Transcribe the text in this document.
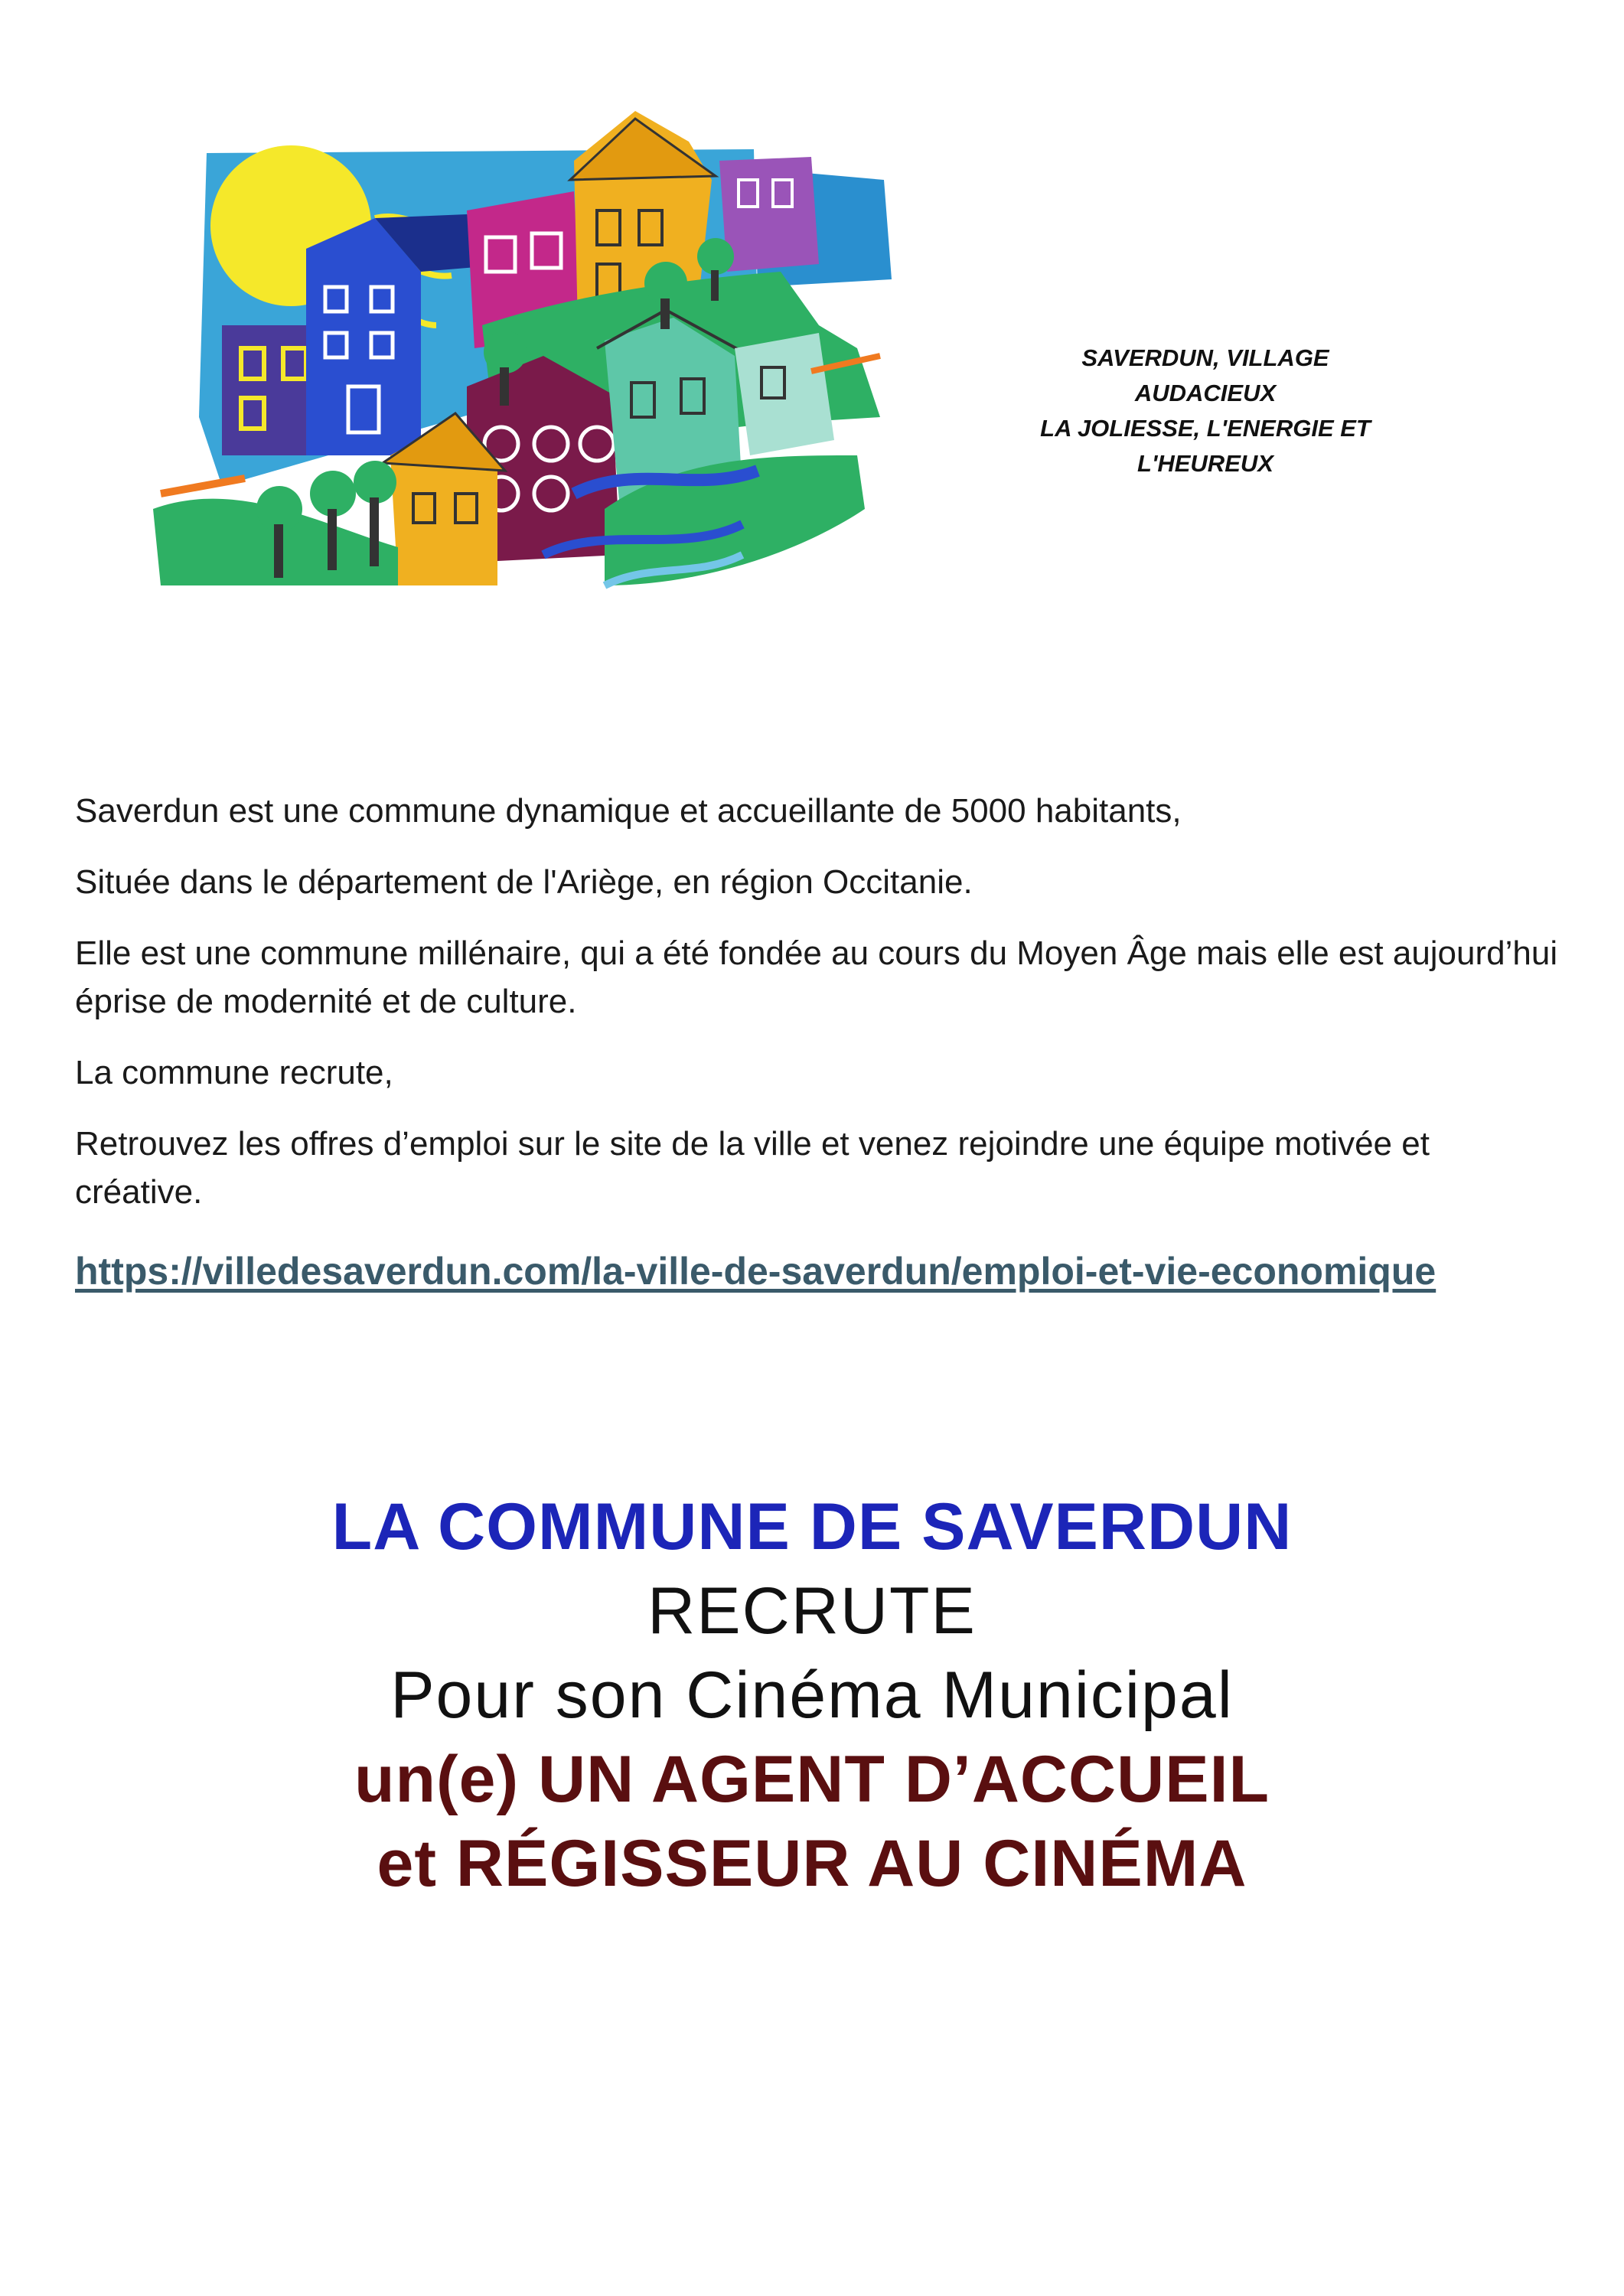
SAVERDUN, VILLAGE
AUDACIEUX
LA JOLIESSE, L'ENERGIE ET
L'HEUREUX

Saverdun est une commune dynamique et accueillante de 5000 habitants,

Située dans le département de l'Ariège, en région Occitanie.

Elle est une commune millénaire, qui a été fondée au cours du Moyen Âge mais elle est aujourd’hui éprise de modernité et de culture.

La commune recrute,

Retrouvez les offres d’emploi sur le site de la ville et venez rejoindre une équipe motivée et créative.

https://villedesaverdun.com/la-ville-de-saverdun/emploi-et-vie-economique
LA COMMUNE DE SAVERDUN
RECRUTE
Pour son Cinéma Municipal
un(e) UN AGENT D’ACCUEIL
et RÉGISSEUR AU CINÉMA
